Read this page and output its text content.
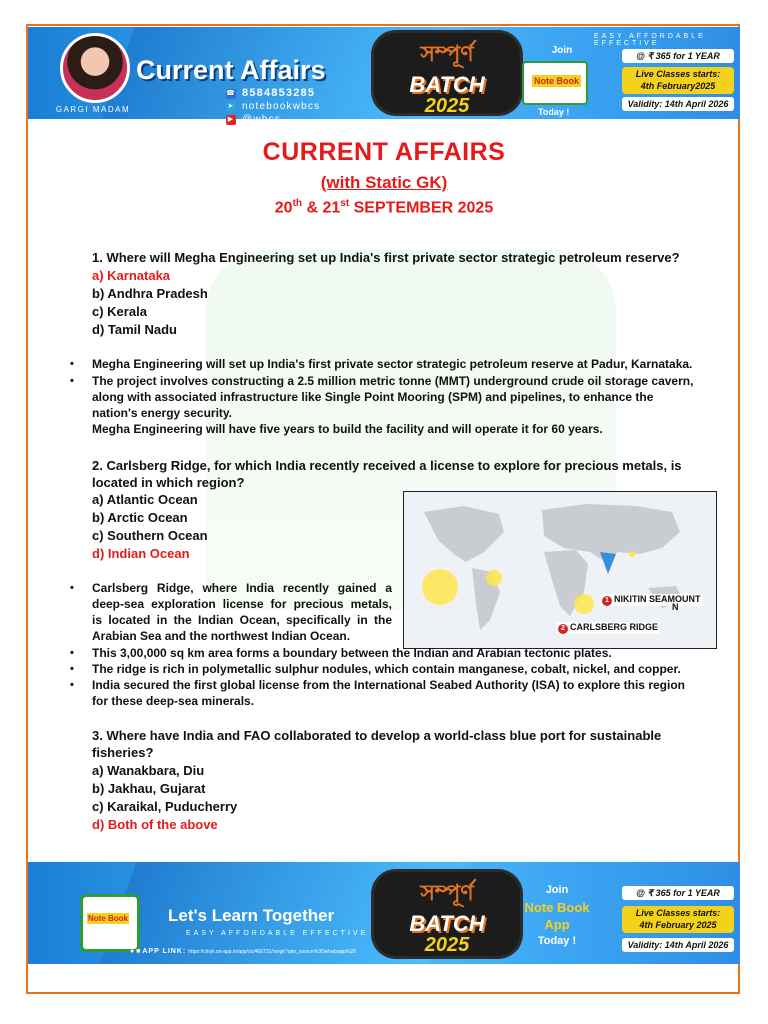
GARGI MADAM
Current Affairs
☎ 8584853285
➤ notebookwbcs
▶ @wbcs
সম্পূর্ণ
BATCH
2025
Join
Note Book
Today !
EASY AFFORDABLE EFFECTIVE
@ ₹ 365 for 1 YEAR
Live Classes starts:
4th February2025
Validity: 14th April 2026
CURRENT AFFAIRS
(with Static GK)
20th & 21st SEPTEMBER 2025
1. Where will Megha Engineering set up India's first private sector strategic petroleum reserve?
a) Karnataka
b) Andhra Pradesh
c) Kerala
d) Tamil Nadu
• Megha Engineering will set up India's first private sector strategic petroleum reserve at Padur, Karnataka.
• The project involves constructing a 2.5 million metric tonne (MMT) underground crude oil storage cavern, along with associated infrastructure like Single Point Mooring (SPM) and pipelines, to enhance the nation's energy security.
Megha Engineering will have five years to build the facility and will operate it for 60 years.
2. Carlsberg Ridge, for which India recently received a license to explore for precious metals, is
located in which region?
a) Atlantic Ocean
b) Arctic Ocean
c) Southern Ocean
d) Indian Ocean
1 NIKITIN SEAMOUNT
N
2 CARLSBERG RIDGE
• Carlsberg Ridge, where India recently gained a
deep-sea exploration license for precious metals,
is located in the Indian Ocean, specifically in the
Arabian Sea and the northwest Indian Ocean.
• This 3,00,000 sq km area forms a boundary between the Indian and Arabian tectonic plates.
• The ridge is rich in polymetallic sulphur nodules, which contain manganese, cobalt, nickel, and copper.
• India secured the first global license from the International Seabed Authority (ISA) to explore this region for these deep-sea minerals.
3. Where have India and FAO collaborated to develop a world-class blue port for sustainable
fisheries?
a) Wanakbara, Diu
b) Jakhau, Gujarat
c) Karaikal, Puducherry
d) Both of the above
Note Book Let's Learn Together
EASY AFFORDABLE EFFECTIVE
● ■ APP LINK: https://clnyk.on-app.in/app/oc/466731/nmgk?utm_source%3Dwhatsapp%26
সম্পূর্ণ
BATCH
2025
Join
Note Book
App
Today !
@ ₹ 365 for 1 YEAR
Live Classes starts:
4th February 2025
Validity: 14th April 2026
